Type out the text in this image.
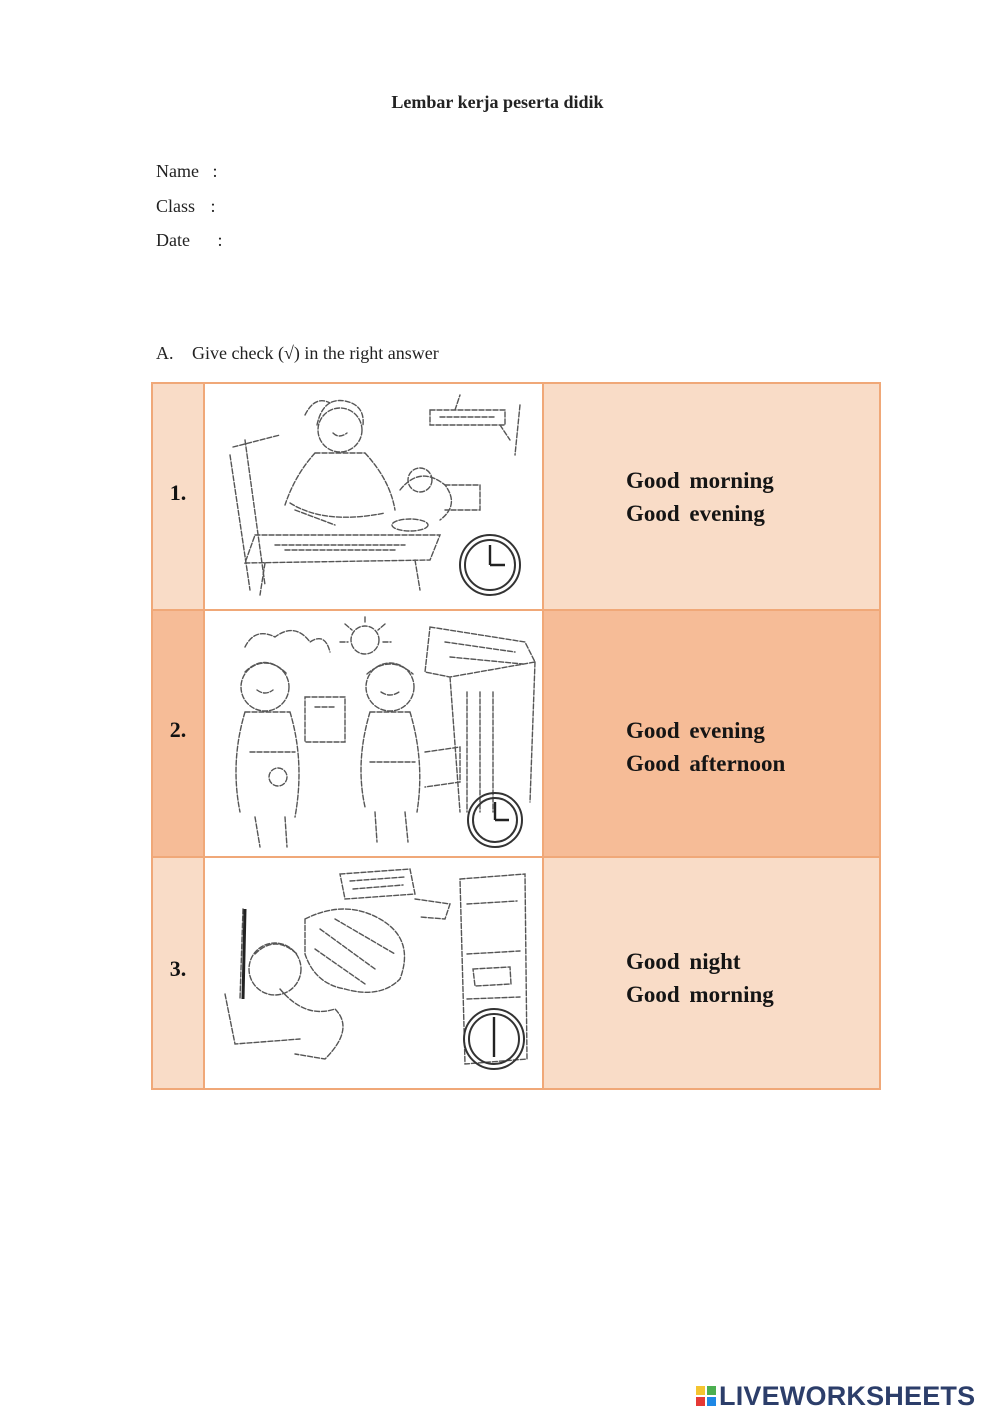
Lembar kerja peserta didik
Name :
Class :
Date :
A. Give check (√) in the right answer
1.		Good morning
Good evening

2.		Good evening
Good afternoon

3.		Good night
Good morning
LIVEWORKSHEETS
